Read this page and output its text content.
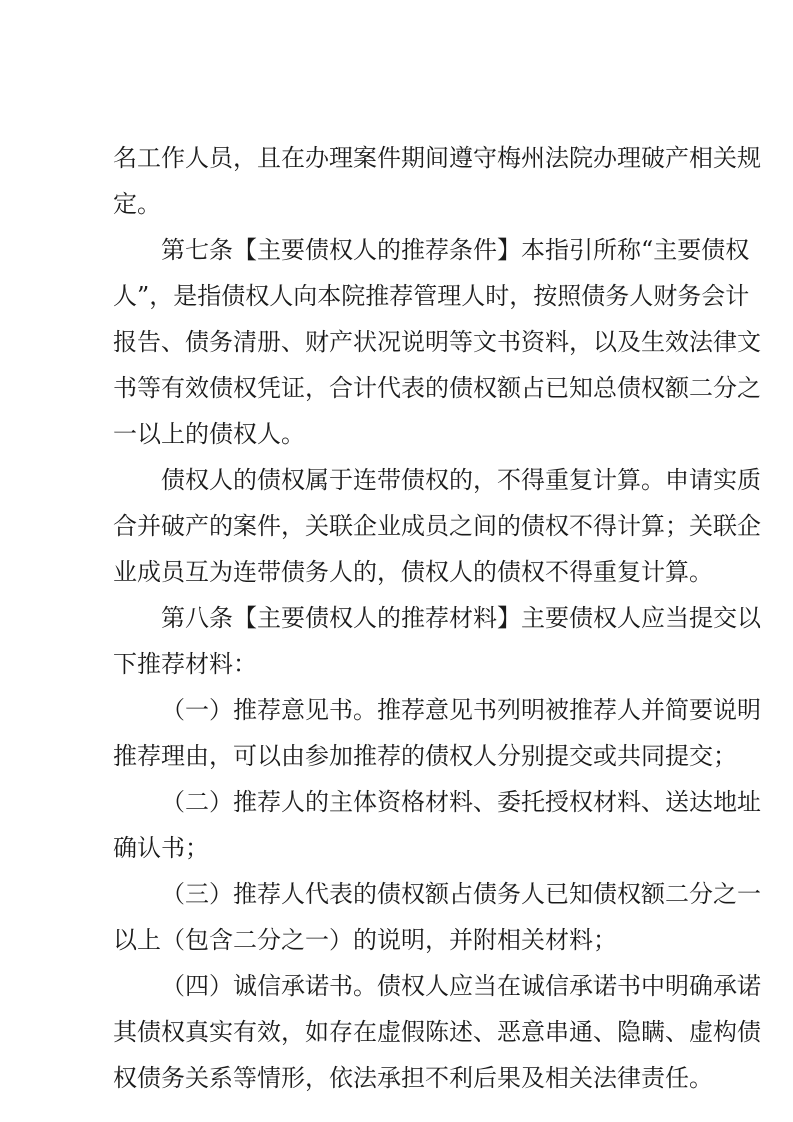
名工作人员，且在办理案件期间遵守梅州法院办理破产相关规
定。
第七条【主要债权人的推荐条件】本指引所称“主要债权
人”，是指债权人向本院推荐管理人时，按照债务人财务会计
报告、债务清册、财产状况说明等文书资料，以及生效法律文
书等有效债权凭证，合计代表的债权额占已知总债权额二分之
一以上的债权人。
债权人的债权属于连带债权的，不得重复计算。申请实质
合并破产的案件，关联企业成员之间的债权不得计算；关联企
业成员互为连带债务人的，债权人的债权不得重复计算。
第八条【主要债权人的推荐材料】主要债权人应当提交以
下推荐材料：
（一）推荐意见书。推荐意见书列明被推荐人并简要说明
推荐理由，可以由参加推荐的债权人分别提交或共同提交；
（二）推荐人的主体资格材料、委托授权材料、送达地址
确认书；
（三）推荐人代表的债权额占债务人已知债权额二分之一
以上（包含二分之一）的说明，并附相关材料；
（四）诚信承诺书。债权人应当在诚信承诺书中明确承诺
其债权真实有效，如存在虚假陈述、恶意串通、隐瞒、虚构债
权债务关系等情形，依法承担不利后果及相关法律责任。
